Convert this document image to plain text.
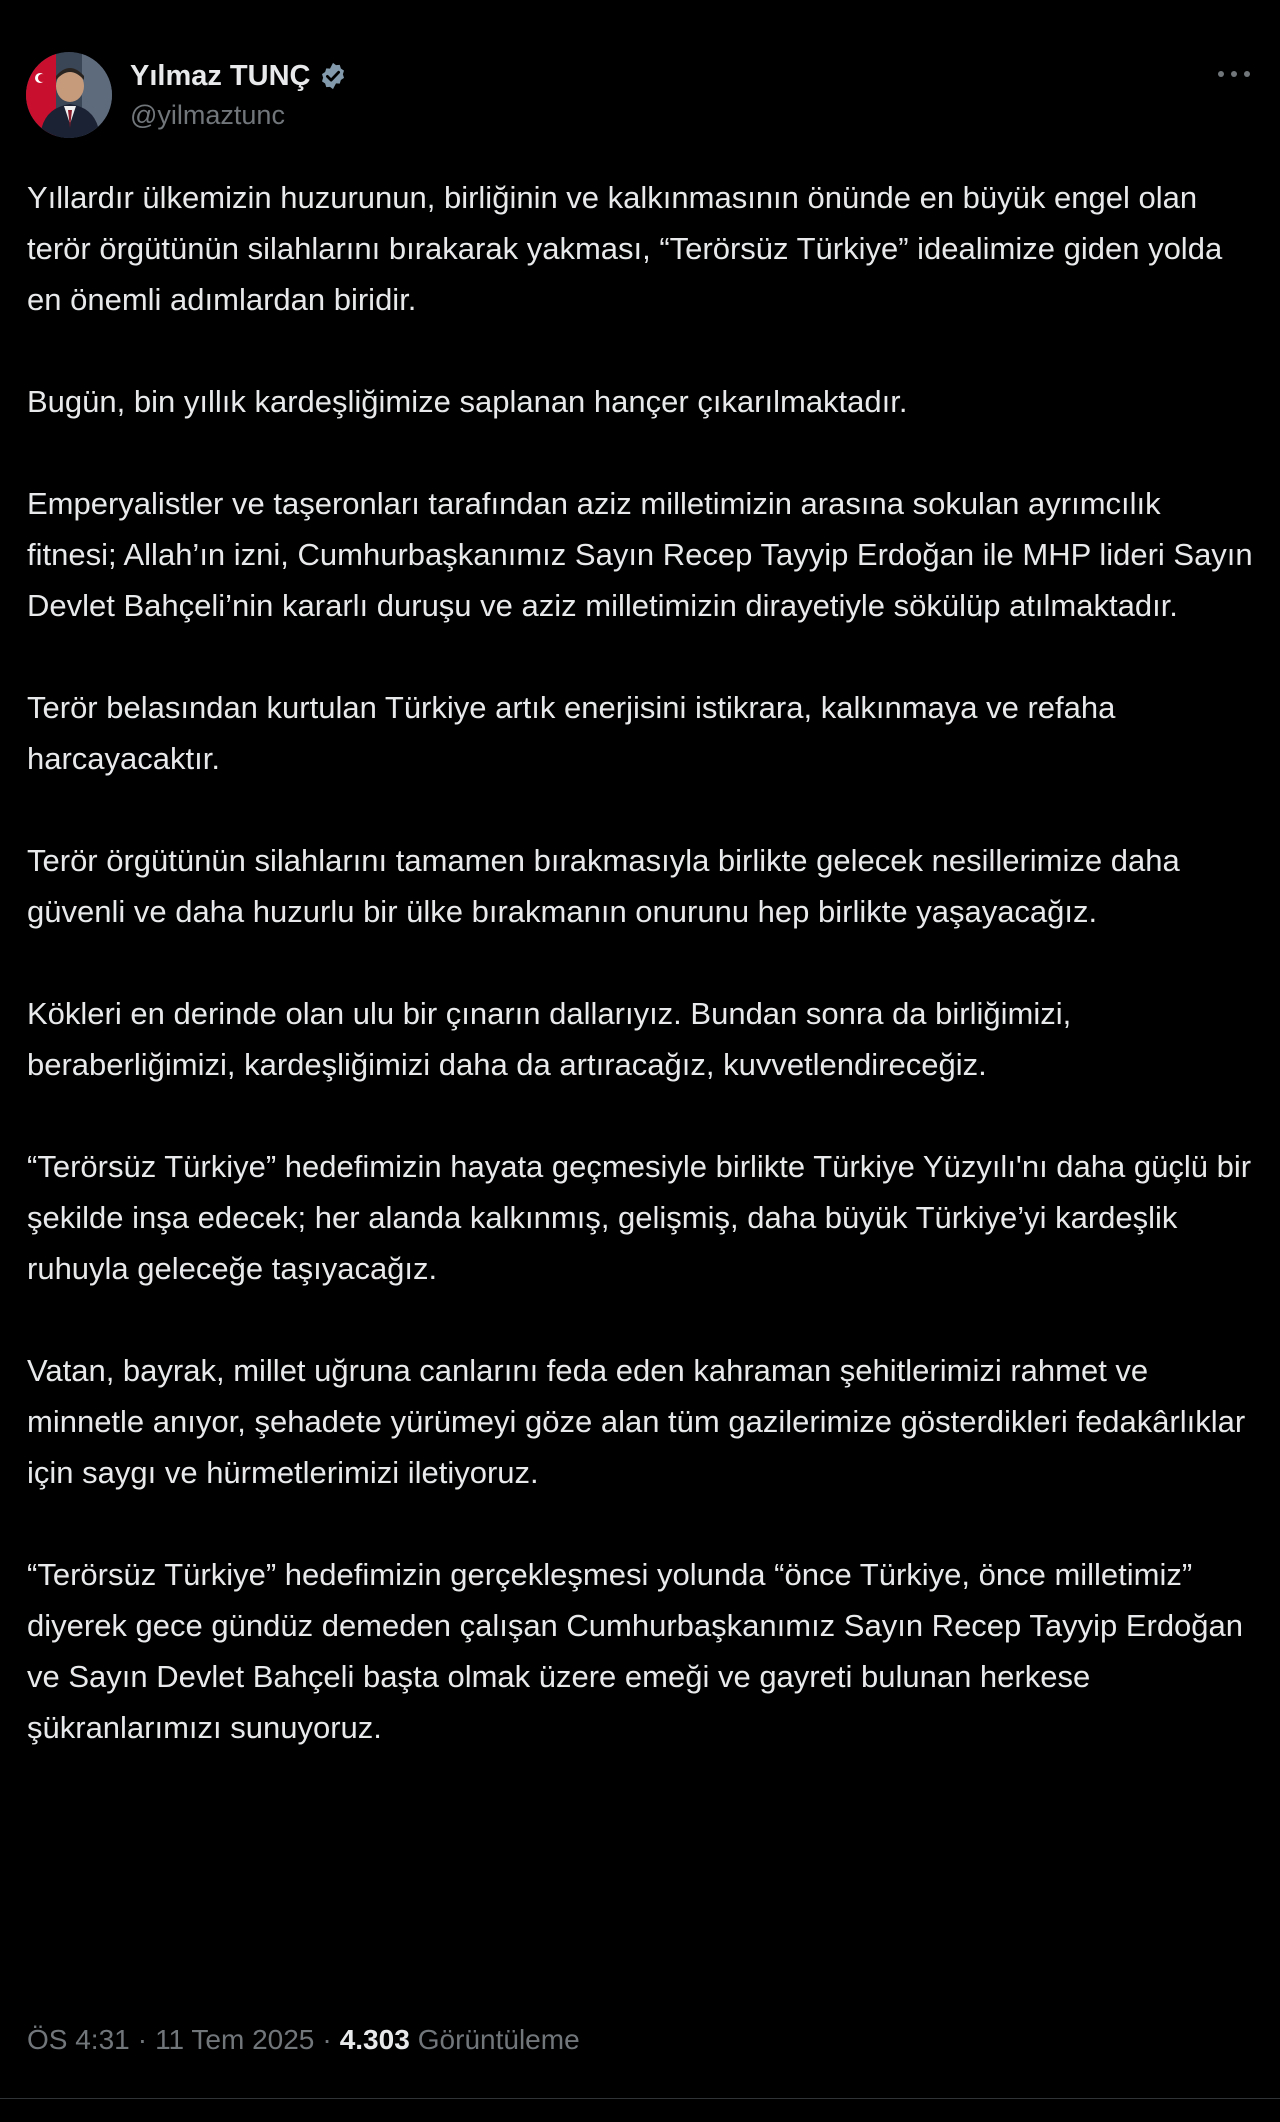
Yılmaz TUNÇ
@yilmaztunc

Yıllardır ülkemizin huzurunun, birliğinin ve kalkınmasının önünde en büyük engel olan terör örgütünün silahlarını bırakarak yakması, “Terörsüz Türkiye” idealimize giden yolda en önemli adımlardan biridir.

Bugün, bin yıllık kardeşliğimize saplanan hançer çıkarılmaktadır.

Emperyalistler ve taşeronları tarafından aziz milletimizin arasına sokulan ayrımcılık fitnesi; Allah’ın izni, Cumhurbaşkanımız Sayın Recep Tayyip Erdoğan ile MHP lideri Sayın Devlet Bahçeli’nin kararlı duruşu ve aziz milletimizin dirayetiyle sökülüp atılmaktadır.

Terör belasından kurtulan Türkiye artık enerjisini istikrara, kalkınmaya ve refaha harcayacaktır.

Terör örgütünün silahlarını tamamen bırakmasıyla birlikte gelecek nesillerimize daha güvenli ve daha huzurlu bir ülke bırakmanın onurunu hep birlikte yaşayacağız.

Kökleri en derinde olan ulu bir çınarın dallarıyız. Bundan sonra da birliğimizi, beraberliğimizi, kardeşliğimizi daha da artıracağız, kuvvetlendireceğiz.

“Terörsüz Türkiye” hedefimizin hayata geçmesiyle birlikte Türkiye Yüzyılı'nı daha güçlü bir şekilde inşa edecek; her alanda kalkınmış, gelişmiş, daha büyük Türkiye’yi kardeşlik ruhuyla geleceğe taşıyacağız.

Vatan, bayrak, millet uğruna canlarını feda eden kahraman şehitlerimizi rahmet ve minnetle anıyor, şehadete yürümeyi göze alan tüm gazilerimize gösterdikleri fedakârlıklar için saygı ve hürmetlerimizi iletiyoruz.

“Terörsüz Türkiye” hedefimizin gerçekleşmesi yolunda “önce Türkiye, önce milletimiz” diyerek gece gündüz demeden çalışan Cumhurbaşkanımız Sayın Recep Tayyip Erdoğan ve Sayın Devlet Bahçeli başta olmak üzere emeği ve gayreti bulunan herkese şükranlarımızı sunuyoruz.

ÖS 4:31 · 11 Tem 2025 · 4.303 Görüntüleme
